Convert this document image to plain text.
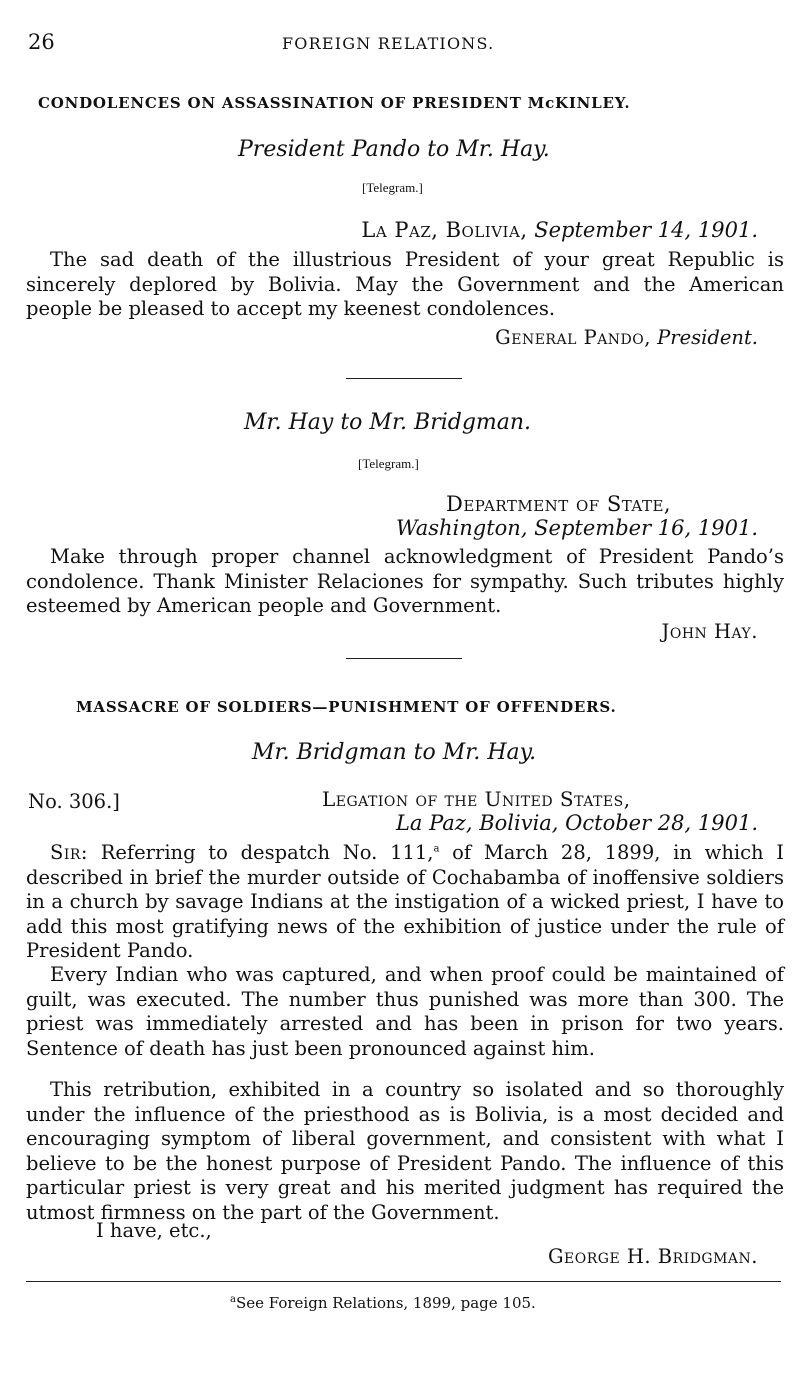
26	FOREIGN RELATIONS.
CONDOLENCES ON ASSASSINATION OF PRESIDENT McKINLEY.
President Pando to Mr. Hay.
[Telegram.]
La Paz, Bolivia, September 14, 1901.
The sad death of the illustrious President of your great Republic is sincerely deplored by Bolivia. May the Government and the American people be pleased to accept my keenest condolences.
General Pando, President.
Mr. Hay to Mr. Bridgman.
[Telegram.]
Department of State,
Washington, September 16, 1901.
Make through proper channel acknowledgment of President Pando’s condolence. Thank Minister Relaciones for sympathy. Such tributes highly esteemed by American people and Government.
John Hay.
MASSACRE OF SOLDIERS—PUNISHMENT OF OFFENDERS.
Mr. Bridgman to Mr. Hay.
No. 306.]	Legation of the United States,
La Paz, Bolivia, October 28, 1901.
Sir: Referring to despatch No. 111,$^a$ of March 28, 1899, in which I described in brief the murder outside of Cochabamba of inoffensive soldiers in a church by savage Indians at the instigation of a wicked priest, I have to add this most gratifying news of the exhibition of justice under the rule of President Pando.
Every Indian who was captured, and when proof could be maintained of guilt, was executed. The number thus punished was more than 300. The priest was immediately arrested and has been in prison for two years. Sentence of death has just been pronounced against him.
This retribution, exhibited in a country so isolated and so thoroughly under the influence of the priesthood as is Bolivia, is a most decided and encouraging symptom of liberal government, and consistent with what I believe to be the honest purpose of President Pando. The influence of this particular priest is very great and his merited judgment has required the utmost firmness on the part of the Government.
I have, etc.,
George H. Bridgman.
$^a$See Foreign Relations, 1899, page 105.
